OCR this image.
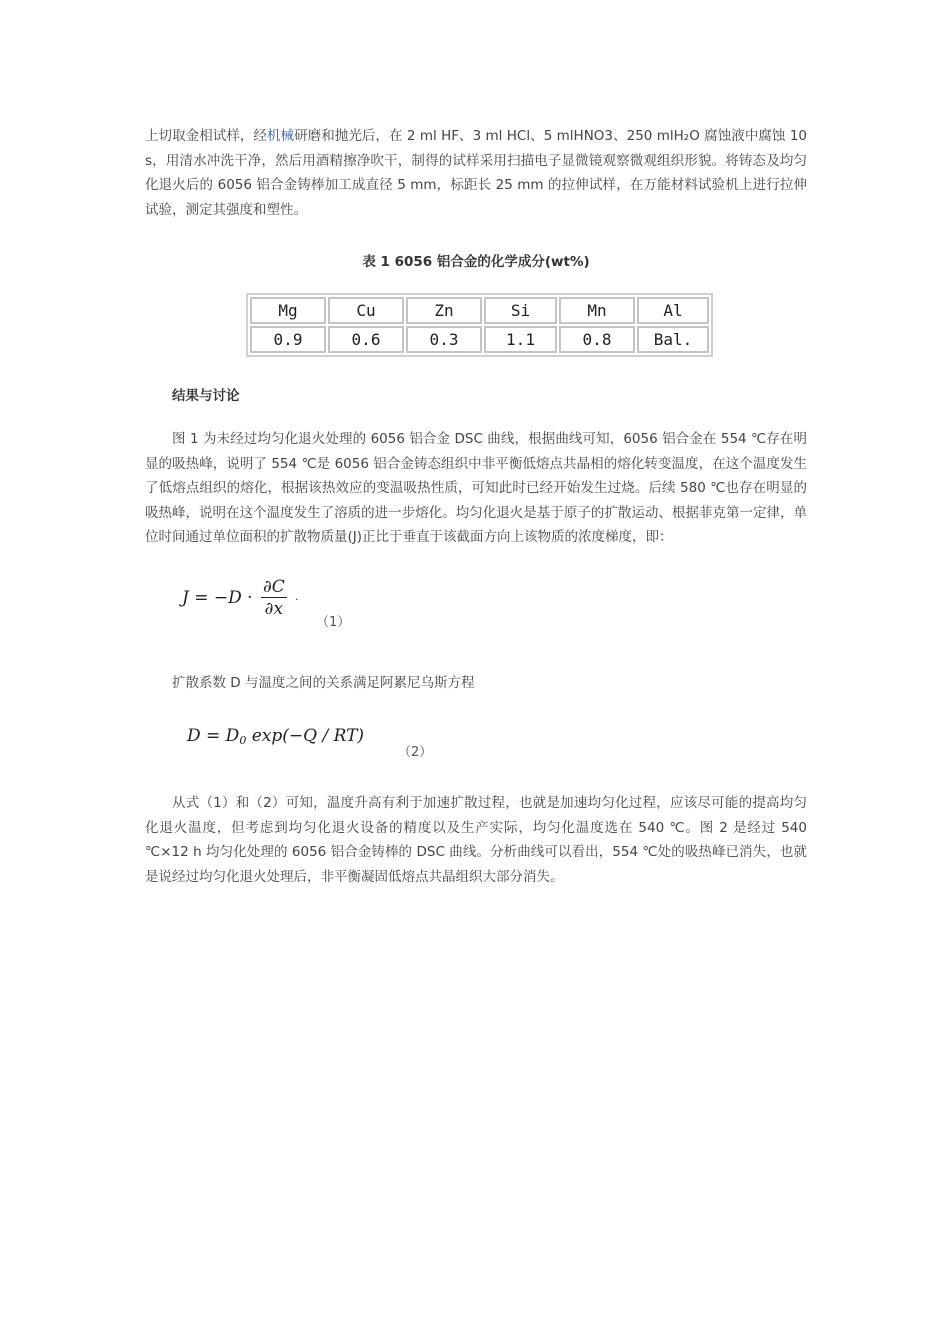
上切取金相试样，经机械研磨和抛光后，在 2 ml HF、3 ml HCl、5 mlHNO3、250 mlH₂O 腐蚀液中腐蚀 10 s，用清水冲洗干净，然后用酒精擦净吹干，制得的试样采用扫描电子显微镜观察微观组织形貌。将铸态及均匀化退火后的 6056 铝合金铸棒加工成直径 5 mm，标距长 25 mm 的拉伸试样，在万能材料试验机上进行拉伸试验，测定其强度和塑性。

表 1 6056 铝合金的化学成分(wt%)
Mg	Cu	Zn	Si	Mn	Al
0.9	0.6	0.3	1.1	0.8	Bal.
结果与讨论

图 1 为未经过均匀化退火处理的 6056 铝合金 DSC 曲线，根据曲线可知，6056 铝合金在 554 ℃存在明显的吸热峰，说明了 554 ℃是 6056 铝合金铸态组织中非平衡低熔点共晶相的熔化转变温度，在这个温度发生了低熔点组织的熔化，根据该热效应的变温吸热性质，可知此时已经开始发生过烧。后续 580 ℃也存在明显的吸热峰，说明在这个温度发生了溶质的进一步熔化。均匀化退火是基于原子的扩散运动、根据菲克第一定律，单位时间通过单位面积的扩散物质量(J)正比于垂直于该截面方向上该物质的浓度梯度，即：

$J = -D \cdot \frac{\partial C}{\partial x}$ ·
（1）

扩散系数 D 与温度之间的关系满足阿累尼乌斯方程

$D = D_0$ exp(−Q / RT)
（2）

从式（1）和（2）可知，温度升高有利于加速扩散过程，也就是加速均匀化过程，应该尽可能的提高均匀化退火温度，但考虑到均匀化退火设备的精度以及生产实际，均匀化温度选在 540 ℃。图 2 是经过 540 ℃×12 h 均匀化处理的 6056 铝合金铸棒的 DSC 曲线。分析曲线可以看出，554 ℃处的吸热峰已消失，也就是说经过均匀化退火处理后，非平衡凝固低熔点共晶组织大部分消失。
